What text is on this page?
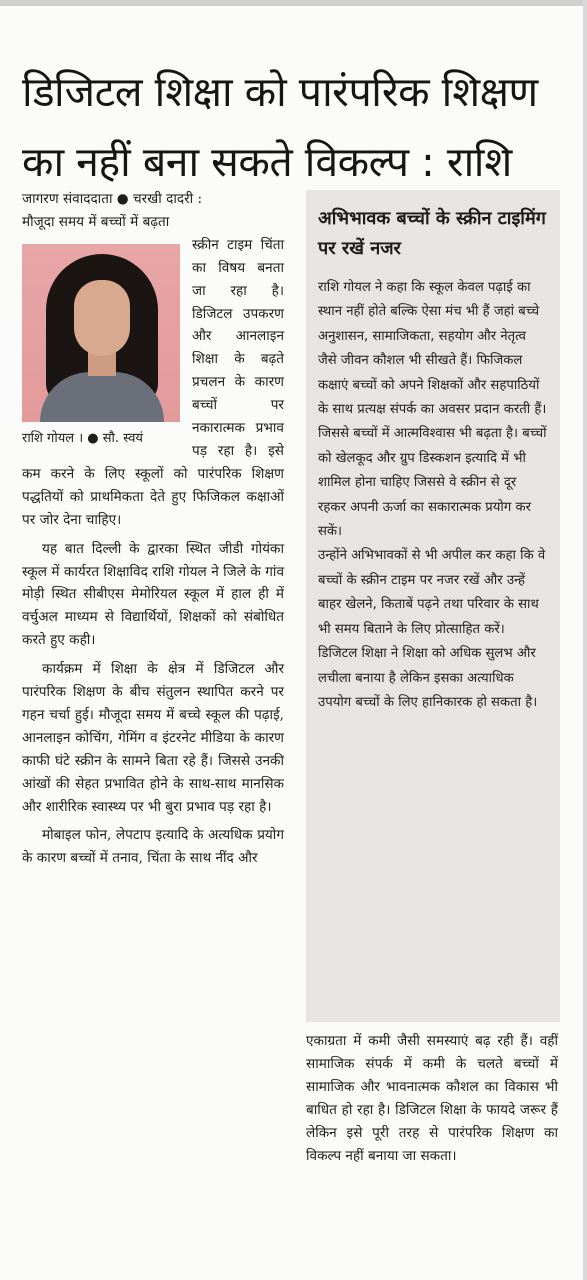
डिजिटल शिक्षा को पारंपरिक शिक्षण
का नहीं बना सकते विकल्प : राशि
जागरण संवाददाता ● चरखी दादरी :
मौजूदा समय में बच्चों में बढ़ता
राशि गोयल । ● सौ. स्वयं

स्क्रीन टाइम चिंता का विषय बनता जा रहा है। डिजिटल उपकरण और आनलाइन शिक्षा के बढ़ते प्रचलन के कारण बच्चों पर नकारात्मक प्रभाव पड़ रहा है। इसे कम करने के लिए स्कूलों को पारंपरिक शिक्षण पद्धतियों को प्राथमिकता देते हुए फिजिकल कक्षाओं पर जोर देना चाहिए।

यह बात दिल्ली के द्वारका स्थित जीडी गोयंका स्कूल में कार्यरत शिक्षाविद राशि गोयल ने जिले के गांव मोड़ी स्थित सीबीएस मेमोरियल स्कूल में हाल ही में वर्चुअल माध्यम से विद्यार्थियों, शिक्षकों को संबोधित करते हुए कही।

कार्यक्रम में शिक्षा के क्षेत्र में डिजिटल और पारंपरिक शिक्षण के बीच संतुलन स्थापित करने पर गहन चर्चा हुई। मौजूदा समय में बच्चे स्कूल की पढ़ाई, आनलाइन कोचिंग, गेमिंग व इंटरनेट मीडिया के कारण काफी घंटे स्क्रीन के सामने बिता रहे हैं। जिससे उनकी आंखों की सेहत प्रभावित होने के साथ-साथ मानसिक और शारीरिक स्वास्थ्य पर भी बुरा प्रभाव पड़ रहा है।

मोबाइल फोन, लेपटाप इत्यादि के अत्यधिक प्रयोग के कारण बच्चों में तनाव, चिंता के साथ नींद और

अभिभावक बच्चों के स्क्रीन टाइमिंग पर रखें नजर

राशि गोयल ने कहा कि स्कूल केवल पढ़ाई का स्थान नहीं होते बल्कि ऐसा मंच भी हैं जहां बच्चे अनुशासन, सामाजिकता, सहयोग और नेतृत्व जैसे जीवन कौशल भी सीखते हैं। फिजिकल कक्षाएं बच्चों को अपने शिक्षकों और सहपाठियों के साथ प्रत्यक्ष संपर्क का अवसर प्रदान करती हैं। जिससे बच्चों में आत्मविश्वास भी बढ़ता है। बच्चों को खेलकूद और ग्रुप डिस्कशन इत्यादि में भी शामिल होना चाहिए जिससे वे स्क्रीन से दूर रहकर अपनी ऊर्जा का सकारात्मक प्रयोग कर सकें।

उन्होंने अभिभावकों से भी अपील कर कहा कि वे बच्चों के स्क्रीन टाइम पर नजर रखें और उन्हें बाहर खेलने, किताबें पढ़ने तथा परिवार के साथ भी समय बिताने के लिए प्रोत्साहित करें। डिजिटल शिक्षा ने शिक्षा को अधिक सुलभ और लचीला बनाया है लेकिन इसका अत्याधिक उपयोग बच्चों के लिए हानिकारक हो सकता है।

एकाग्रता में कमी जैसी समस्याएं बढ़ रही हैं। वहीं सामाजिक संपर्क में कमी के चलते बच्चों में सामाजिक और भावनात्मक कौशल का विकास भी बाधित हो रहा है। डिजिटल शिक्षा के फायदे जरूर हैं लेकिन इसे पूरी तरह से पारंपरिक शिक्षण का विकल्प नहीं बनाया जा सकता।
